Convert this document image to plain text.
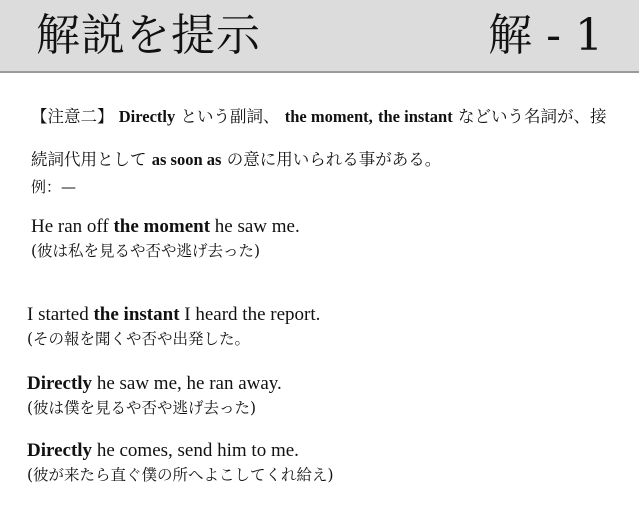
解説を提示	解 - 1
【注意二】 Directly という副詞、 the moment, the instant などいう名詞が、接続詞代用として as soon as の意に用いられる事がある。
例：—
He ran off the moment he saw me.
(彼は私を見るや否や逃げ去った)
I started the instant I heard the report.
(その報を聞くや否や出発した。
Directly he saw me, he ran away.
(彼は僕を見るや否や逃げ去った)
Directly he comes, send him to me.
(彼が来たら直ぐ僕の所へよこしてくれ給え)
